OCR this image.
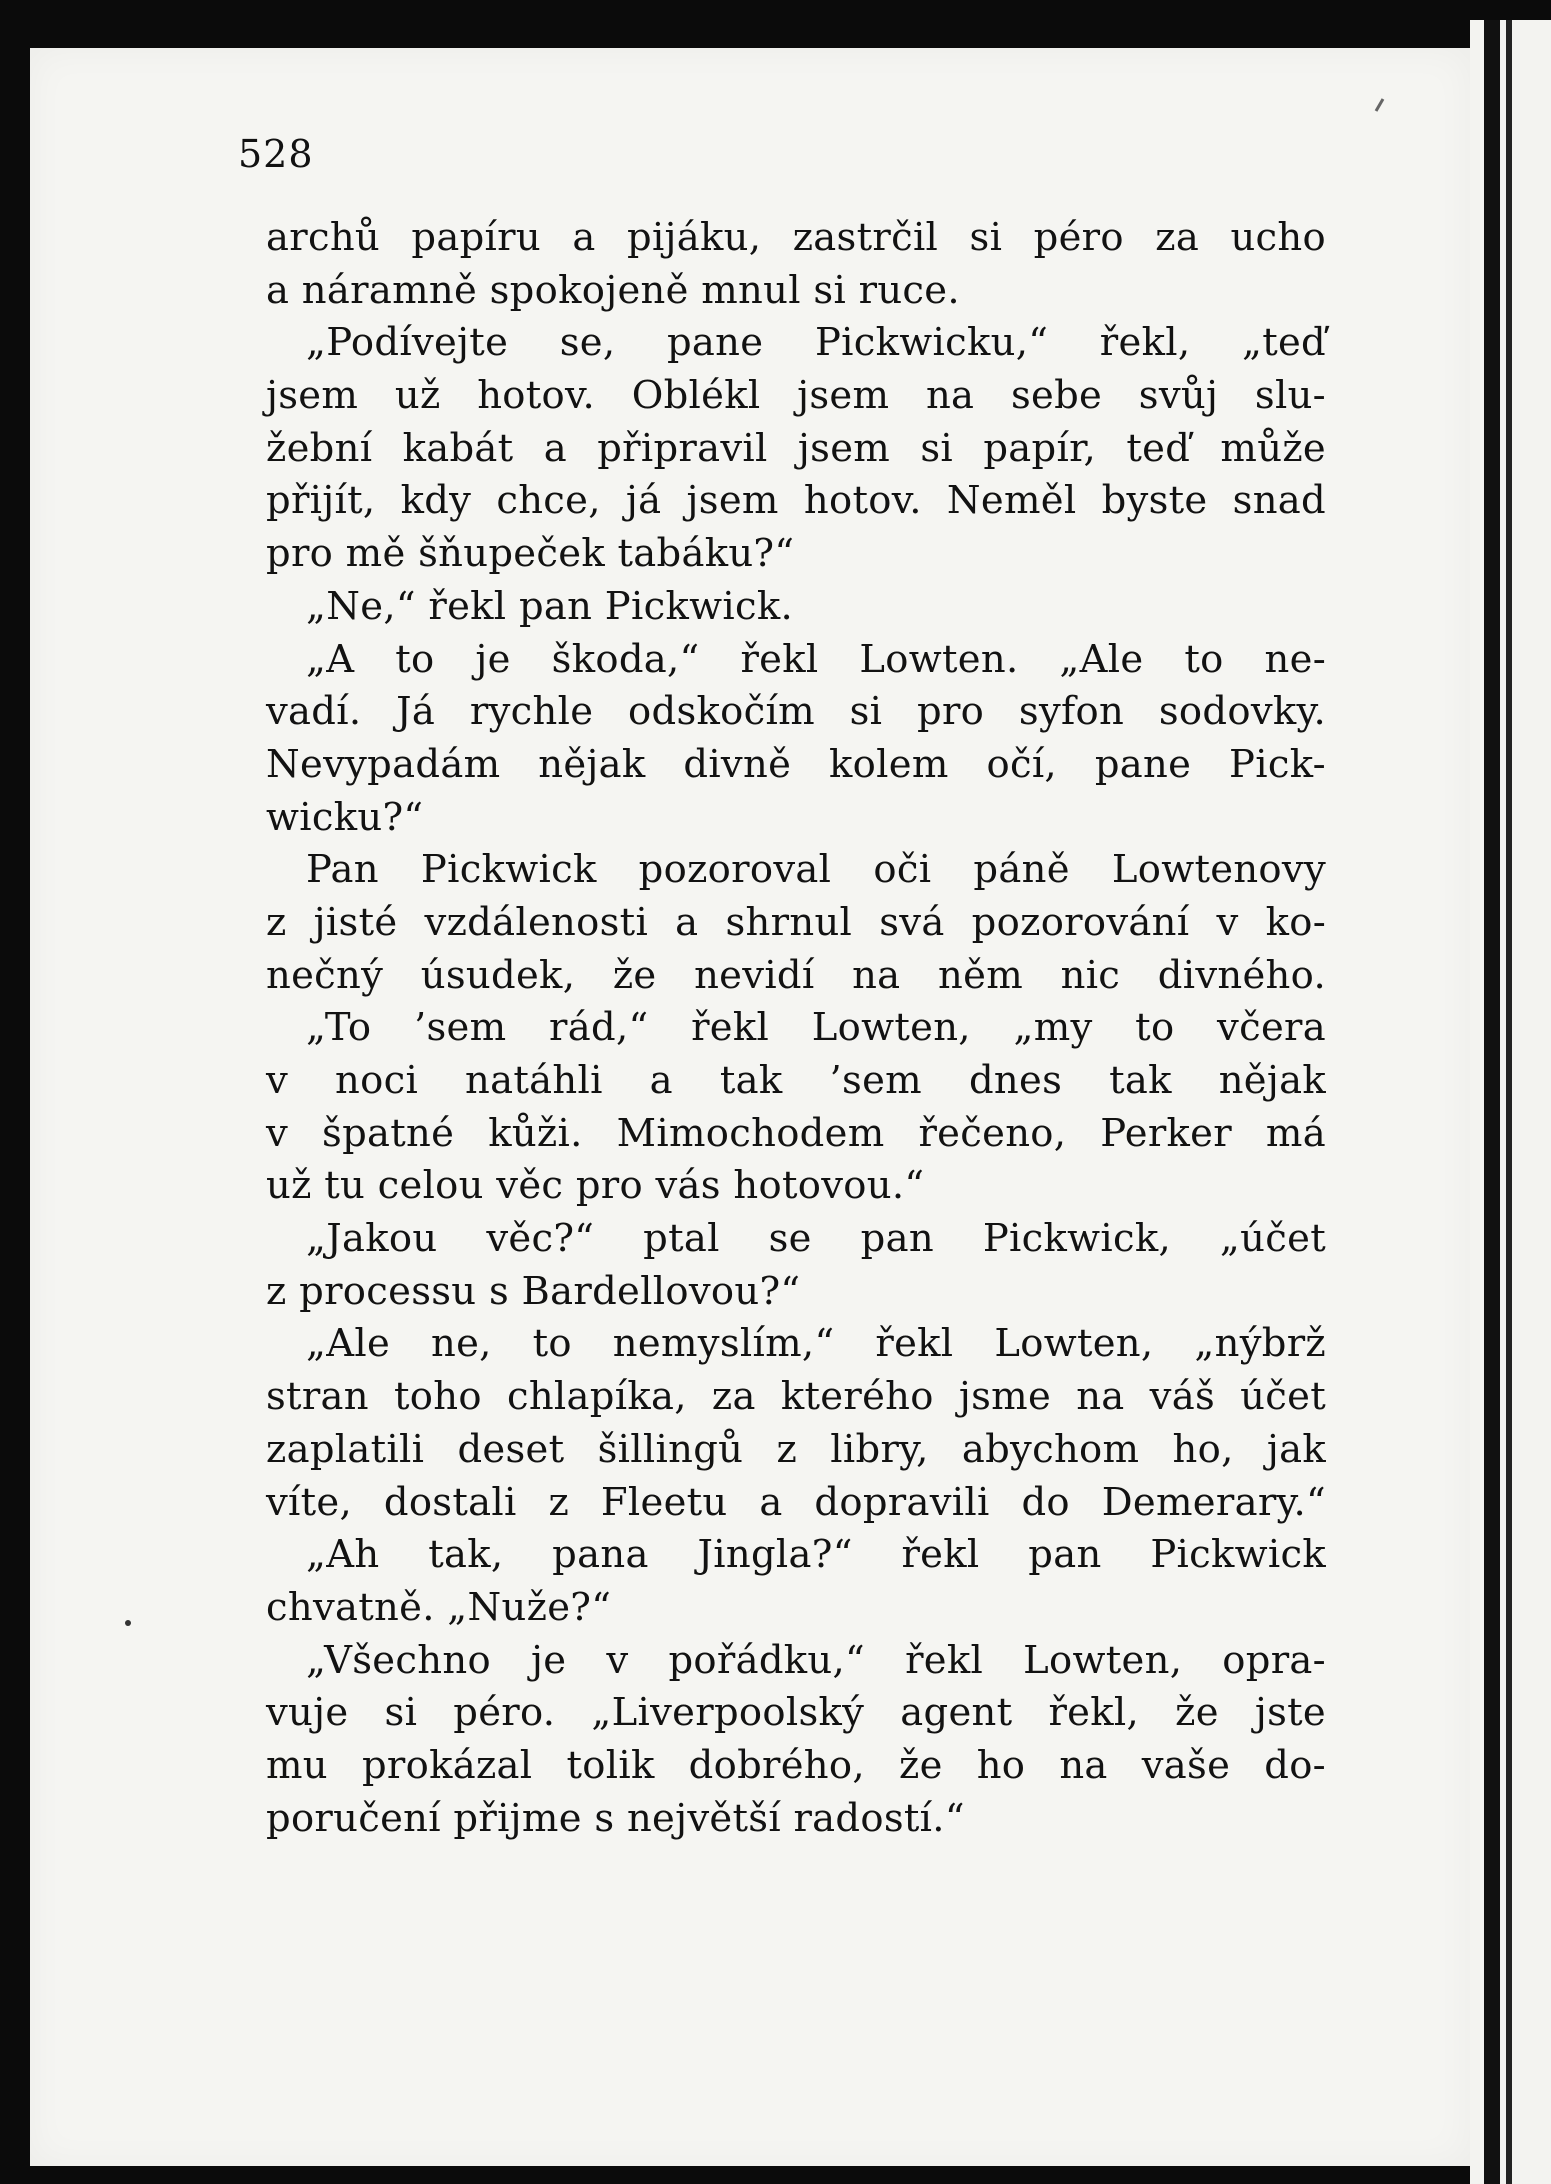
528
archů papíru a pijáku, zastrčil si péro za ucho
a náramně spokojeně mnul si ruce.
„Podívejte se, pane Pickwicku,“ řekl, „teď
jsem už hotov. Oblékl jsem na sebe svůj slu-
žební kabát a připravil jsem si papír, teď může
přijít, kdy chce, já jsem hotov. Neměl byste snad
pro mě šňupeček tabáku?“
„Ne,“ řekl pan Pickwick.
„A to je škoda,“ řekl Lowten. „Ale to ne-
vadí. Já rychle odskočím si pro syfon sodovky.
Nevypadám nějak divně kolem očí, pane Pick-
wicku?“
Pan Pickwick pozoroval oči páně Lowtenovy
z jisté vzdálenosti a shrnul svá pozorování v ko-
nečný úsudek, že nevidí na něm nic divného.
„To ’sem rád,“ řekl Lowten, „my to včera
v noci natáhli a tak ’sem dnes tak nějak
v špatné kůži. Mimochodem řečeno, Perker má
už tu celou věc pro vás hotovou.“
„Jakou věc?“ ptal se pan Pickwick, „účet
z processu s Bardellovou?“
„Ale ne, to nemyslím,“ řekl Lowten, „nýbrž
stran toho chlapíka, za kterého jsme na váš účet
zaplatili deset šillingů z libry, abychom ho, jak
víte, dostali z Fleetu a dopravili do Demerary.“
„Ah tak, pana Jingla?“ řekl pan Pickwick
chvatně. „Nuže?“
„Všechno je v pořádku,“ řekl Lowten, opra-
vuje si péro. „Liverpoolský agent řekl, že jste
mu prokázal tolik dobrého, že ho na vaše do-
poručení přijme s největší radostí.“
